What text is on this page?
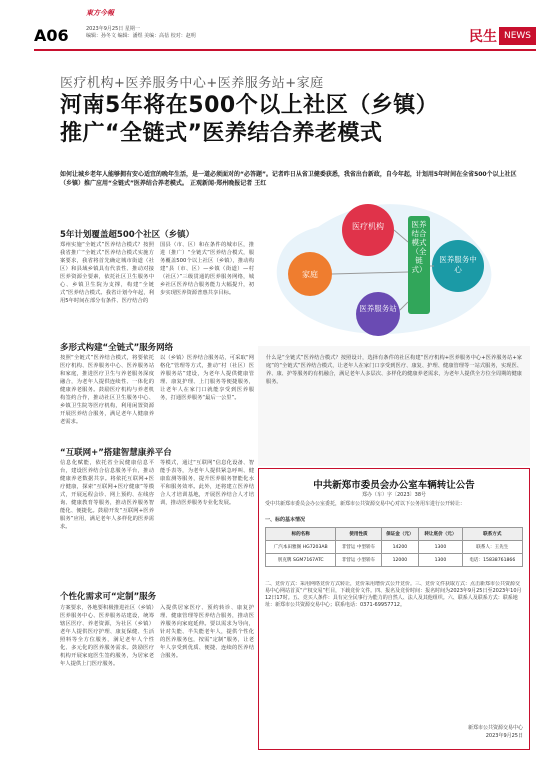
東方今報
A06	2023年9月25日 星期一
编辑：孙冬文 编辑：潘煜 美编：高蓓 校对：赵明	民生 NEWS
医疗机构+医养服务中心+医养服务站+家庭
河南5年将在500个以上社区（乡镇）
推广“全链式”医养结合养老模式
如何让城乡老年人能够拥有安心适宜的晚年生活，是一道必须面对的“必答题”。记者昨日从省卫健委获悉，我省出台新政，自今年起，计划用5年时间在全省500个以上社区（乡镇）推广应用“全链式”医养结合养老模式。 正观新闻·郑州晚报记者 王红
5年计划覆盖超500个社区（乡镇）
郑州实施“全链式”医养结合模式？按照我省推广“全链式”医养结合模式实施方案要求，我省将首先确定城市街道（社区）和县域乡镇具有代表性、推动对接医养资源全要素，依托社区卫生服务中心、乡镇卫生院为支撑，构建“全链式”医养结合模式。我省计划今年起，利用5年时间在部分有条件、医疗结合的
国县（市、区）和在条件的城市区，推进（推广）“全链式”医养结合模式，服务覆盖500个以上社区（乡镇），推动构建“县（市、区）—乡镇（街道）—村（社区）”三级贯通的医养服务网络，城乡社区医养结合服务能力大幅提升，初步实现医养资源普惠共享目标。
多形式构建“全链式”服务网络
按照“全链式”医养结合模式，将要依托医疗机构、医养服务中心、医养服务站和家庭，推进医疗卫生与养老服务深度融合，为老年人提供连续性、一体化的健康养老服务。鼓励医疗机构与养老机构签约合作，推动社区卫生服务中心、乡镇卫生院等医疗机构，利用闲置资源开展医养结合服务，满足老年人健康养老需求。
以（乡镇）医养结合服务站，可采取“网格化”管理等方式，推动“村（社区）医养服务站”建设，为老年人提供健康管理、康复护理、上门服务等便捷服务，让老年人在家门口就能享受到医养服务，打通医养服务“最后一公里”。
“互联网+”搭建智慧康养平台
信息化赋能，依托省全民健康信息平台，建设医养结合信息服务平台，推动健康养老数据共享。将依托互联网+医疗健康，探索“互联网+医疗健康”等模式，开展远程会诊、网上预约、在线咨询、健康教育等服务，推动医养服务智能化、便捷化。鼓励开发“互联网+医养服务”应用，满足老年人多样化的医养需求。
等模式，通过“互联网”信息化设备、智能手表等，为老年人提供紧急呼叫、健康监测等服务，提升医养服务智能化水平和服务效率。此外，还将建立医养结合人才培训基地，开展医养结合人才培训，推动医养服务专业化发展。
个性化需求可“定制”服务
方案要求，各地要积极推进社区（乡镇）医养服务中心、医养服务站建设，统筹辖区医疗、养老资源，为社区（乡镇）老年人提供医疗护理、康复保健、生活照料等全方位服务，满足老年人个性化、多元化的医养服务需求。鼓励医疗机构开展家庭医生签约服务，为居家老年人提供上门医疗服务。
入提供居家医疗、预约转诊、康复护理、健康管理等医养结合服务，推动医养服务向家庭延伸。要以需求为导向，针对失能、半失能老年人，提供个性化的医养服务包，按需“定制”服务，让老年人享受到优质、便捷、连续的医养结合服务。
医疗机构
家庭
医养服务中心
医养服务站
医养结合模式（全链式）
什么是“全链式”医养结合模式？按照设计，选择有条件的社区构建“医疗机构+医养服务中心+医养服务站+家庭”的“全链式”医养结合模式，让老年人在家门口享受到医疗、康复、护理、健康管理等一站式服务，实现医、养、康、护等服务的有机融合，满足老年人多层次、多样化的健康养老需求，为老年人提供全方位全周期的健康服务。
中共新郑市委员会办公室车辆转让公告
郑办（车）字〔2023〕38号
受中共新郑市委员会办公室委托，新郑市公共资源交易中心对以下公务用车进行公开转让：
一、标的基本情况
标的名称	使用性质	保证金（元）	转让底价（元）	联系方式
广汽本田雅阁 HG7203AB	非营运 中型轿车	14200	1300	联系人：王先生
别克牌 SGM7167ATC	非营运 小型轿车	12000	1300	电话：15838761866
二、竞价方式：采用网络竞价方式转让，竞价采用增价式公开竞价。三、竞价文件获取方式：点击新郑市公共资源交易中心网站首页“产权交易”栏目，下载竞价文件。四、报名及竞价时间：报名时间为2023年9月25日至2023年10月12日17时。五、竞买人条件：具有完全民事行为能力的自然人、法人及其他组织。六、联系人及联系方式：联系地址：新郑市公共资源交易中心；联系电话：0371-69957712。
新郑市公共资源交易中心
2023年9月25日
